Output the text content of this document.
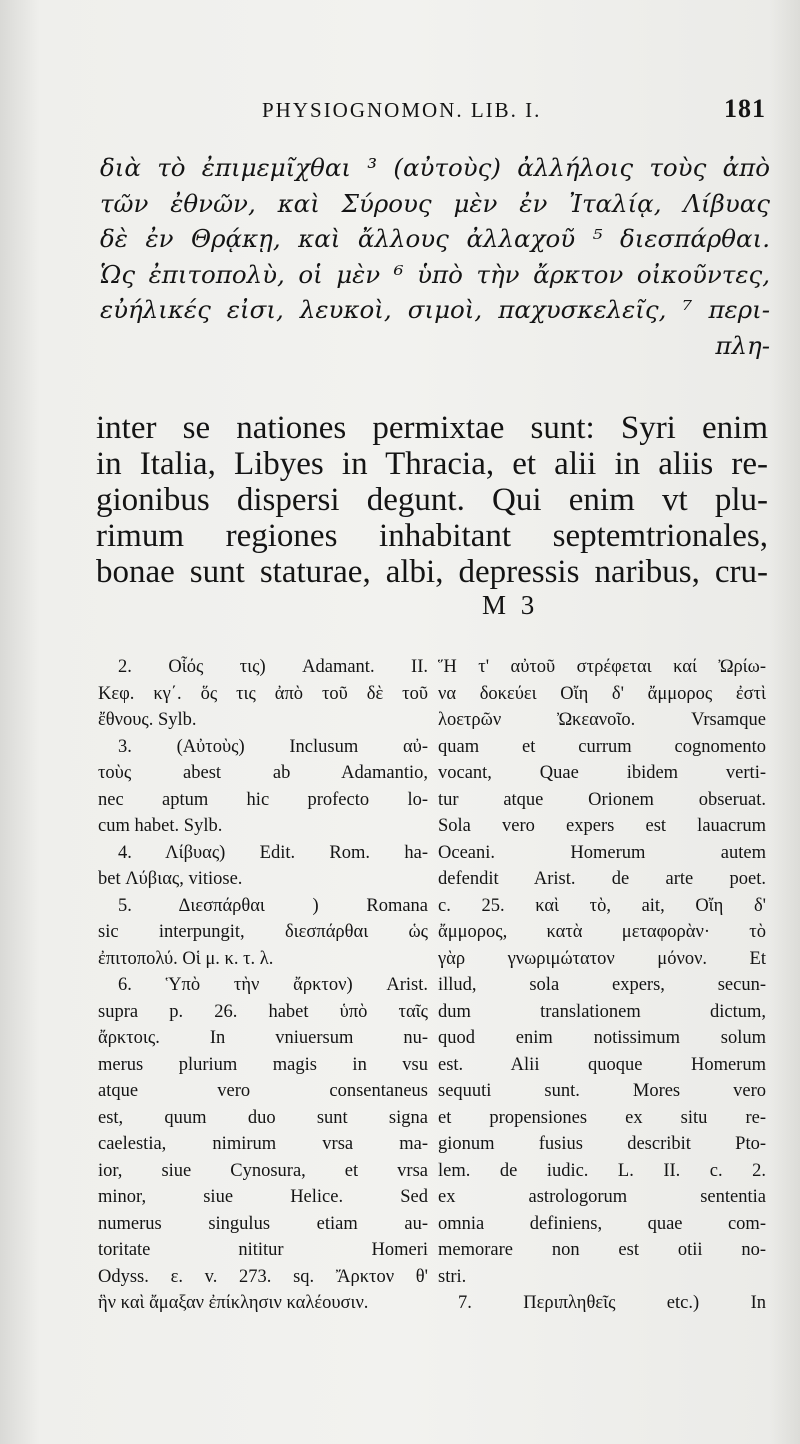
PHYSIOGNOMON. LIB. I.	181
διὰ τὸ ἐπιμεμῖχθαι ³ (αὐτοὺς) ἀλλήλοις τοὺς ἀπὸ
τῶν ἐθνῶν, καὶ Σύρους μὲν ἐν Ἰταλίᾳ, Λίβυας
δὲ ἐν Θρᾴκῃ, καὶ ἄλλους ἀλλαχοῦ ⁵ διεσπάρθαι.
Ὡς ἐπιτοπολὺ, οἱ μὲν ⁶ ὑπὸ τὴν ἄρκτον οἰκοῦντες,
εὐήλικές εἰσι, λευκοὶ, σιμοὶ, παχυσκελεῖς, ⁷ περι-
πλη-
inter se nationes permixtae sunt: Syri enim
in Italia, Libyes in Thracia, et alii in aliis re-
gionibus dispersi degunt. Qui enim vt plu-
rimum regiones inhabitant septemtrionales,
bonae sunt staturae, albi, depressis naribus, cru-
M 3
2. Οἷός τις) Adamant. II.
Κεφ. κγ΄. ὅς τις ἀπὸ τοῦ δὲ τοῦ
ἔθνους. Sylb.
3. (Αὐτοὺς) Inclusum αὐ-
τοὺς abest ab Adamantio,
nec aptum hic profecto lo-
cum habet. Sylb.
4. Λίβυας) Edit. Rom. ha-
bet Λύβιας, vitiose.
5. Διεσπάρθαι ) Romana
sic interpungit, διεσπάρθαι ὡς
ἐπιτοπολύ. Οἱ μ. κ. τ. λ.
6. Ὑπὸ τὴν ἄρκτον) Arist.
supra p. 26. habet ὑπὸ ταῖς
ἄρκτοις. In vniuersum nu-
merus plurium magis in vsu
atque vero consentaneus
est, quum duo sunt signa
caelestia, nimirum vrsa ma-
ior, siue Cynosura, et vrsa
minor, siue Helice. Sed
numerus singulus etiam au-
toritate nititur Homeri
Odyss. ε. v. 273. sq. Ἄρκτον θ'
ἣν καὶ ἄμαξαν ἐπίκλησιν καλέουσιν.
Ἥ τ' αὐτοῦ στρέφεται καί Ὠρίω-
να δοκεύει Οἴη δ' ἄμμορος ἐστὶ
λοετρῶν Ὠκεανοῖο. Vrsamque
quam et currum cognomento
vocant, Quae ibidem verti-
tur atque Orionem obseruat.
Sola vero expers est lauacrum
Oceani. Homerum autem
defendit Arist. de arte poet.
c. 25. καὶ τὸ, ait, Οἴη δ'
ἄμμορος, κατὰ μεταφορὰν· τὸ
γὰρ γνωριμώτατον μόνον. Et
illud, sola expers, secun-
dum translationem dictum,
quod enim notissimum solum
est. Alii quoque Homerum
sequuti sunt. Mores vero
et propensiones ex situ re-
gionum fusius describit Pto-
lem. de iudic. L. II. c. 2.
ex astrologorum sententia
omnia definiens, quae com-
memorare non est otii no-
stri.
7. Περιπληθεῖς etc.) In
